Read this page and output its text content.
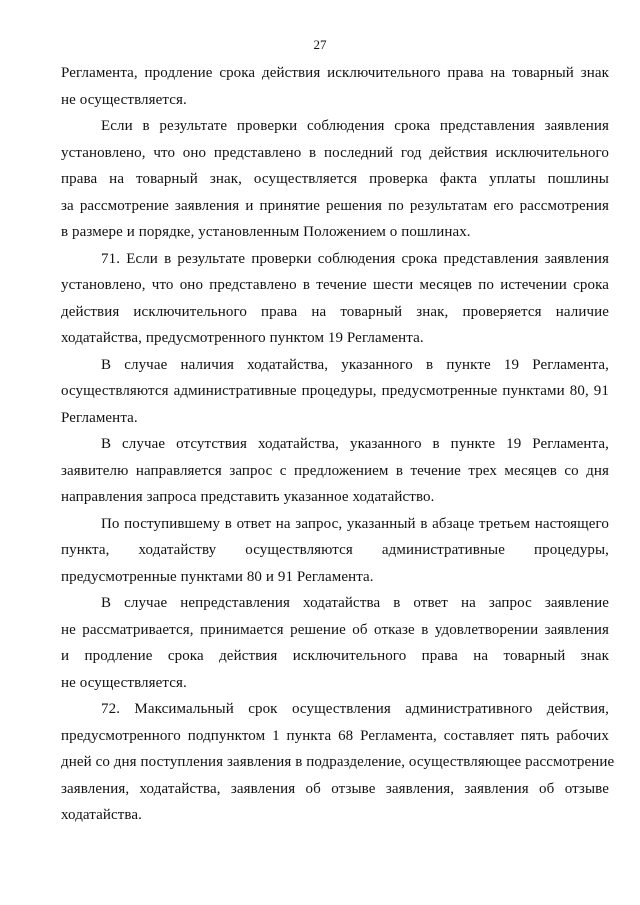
27

Регламента, продление срока действия исключительного права на товарный знак
не осуществляется.

Если в результате проверки соблюдения срока представления заявления
установлено, что оно представлено в последний год действия исключительного
права на товарный знак, осуществляется проверка факта уплаты пошлины
за рассмотрение заявления и принятие решения по результатам его рассмотрения
в размере и порядке, установленным Положением о пошлинах.

71. Если в результате проверки соблюдения срока представления заявления
установлено, что оно представлено в течение шести месяцев по истечении срока
действия исключительного права на товарный знак, проверяется наличие
ходатайства, предусмотренного пунктом 19 Регламента.

В случае наличия ходатайства, указанного в пункте 19 Регламента,
осуществляются административные процедуры, предусмотренные пунктами 80, 91
Регламента.

В случае отсутствия ходатайства, указанного в пункте 19 Регламента,
заявителю направляется запрос с предложением в течение трех месяцев со дня
направления запроса представить указанное ходатайство.

По поступившему в ответ на запрос, указанный в абзаце третьем настоящего
пункта, ходатайству осуществляются административные процедуры,
предусмотренные пунктами 80 и 91 Регламента.

В случае непредставления ходатайства в ответ на запрос заявление
не рассматривается, принимается решение об отказе в удовлетворении заявления
и продление срока действия исключительного права на товарный знак
не осуществляется.

72. Максимальный срок осуществления административного действия,
предусмотренного подпунктом 1 пункта 68 Регламента, составляет пять рабочих
дней со дня поступления заявления в подразделение, осуществляющее рассмотрение
заявления, ходатайства, заявления об отзыве заявления, заявления об отзыве
ходатайства.
